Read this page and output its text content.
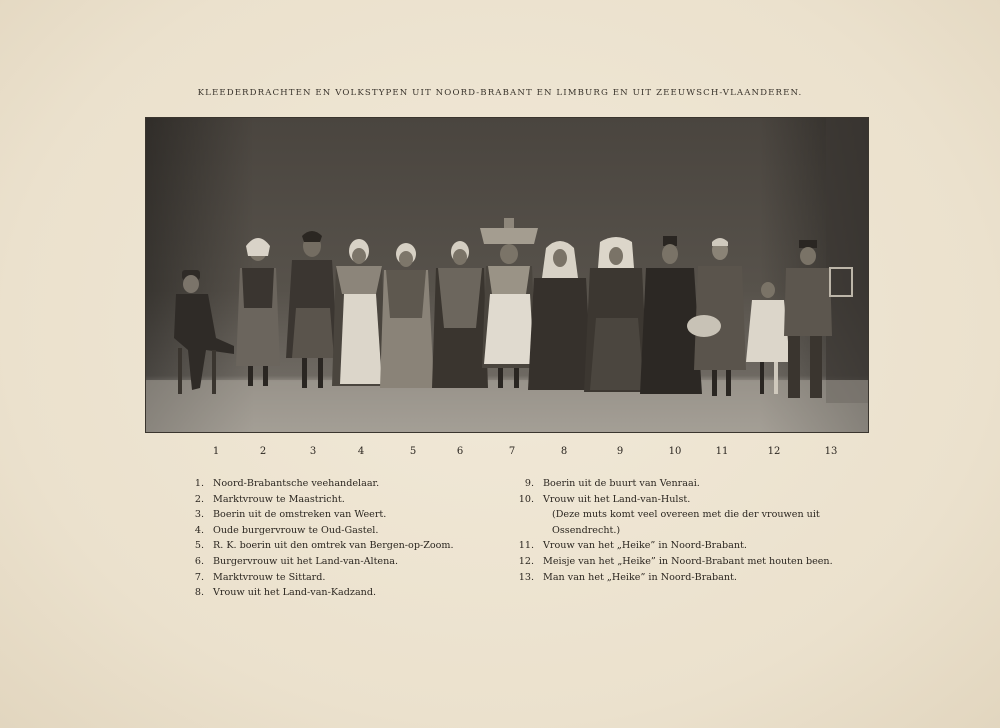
KLEEDERDRACHTEN EN VOLKSTYPEN UIT NOORD-BRABANT EN LIMBURG EN UIT ZEEUWSCH-VLAANDEREN.
1	2	3	4	5	6	7	8	9	10	11	12	13
1. Noord-Brabantsche veehandelaar.
2. Marktvrouw te Maastricht.
3. Boerin uit de omstreken van Weert.
4. Oude burgervrouw te Oud-Gastel.
5. R. K. boerin uit den omtrek van Bergen-op-Zoom.
6. Burgervrouw uit het Land-van-Altena.
7. Marktvrouw te Sittard.
8. Vrouw uit het Land-van-Kadzand.
9. Boerin uit de buurt van Venraai.
10. Vrouw uit het Land-van-Hulst.
(Deze muts komt veel overeen met die der vrouwen uit
Ossendrecht.)
11. Vrouw van het „Heike” in Noord-Brabant.
12. Meisje van het „Heike” in Noord-Brabant met houten been.
13. Man van het „Heike” in Noord-Brabant.
